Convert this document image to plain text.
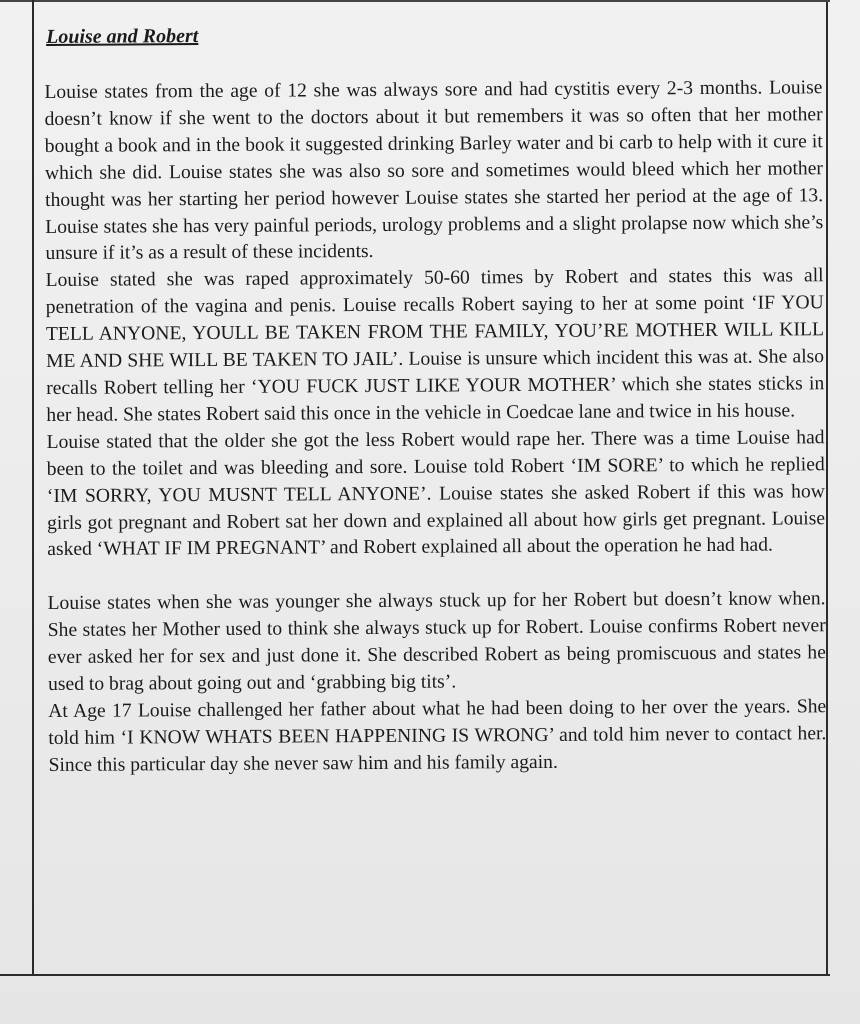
Louise and Robert

Louise states from the age of 12 she was always sore and had cystitis every 2-3 months. Louise doesn’t know if she went to the doctors about it but remembers it was so often that her mother bought a book and in the book it suggested drinking Barley water and bi carb to help with it cure it which she did. Louise states she was also so sore and sometimes would bleed which her mother thought was her starting her period however Louise states she started her period at the age of 13. Louise states she has very painful periods, urology problems and a slight prolapse now which she’s unsure if it’s as a result of these incidents.

Louise stated she was raped approximately 50-60 times by Robert and states this was all penetration of the vagina and penis. Louise recalls Robert saying to her at some point ‘IF YOU TELL ANYONE, YOULL BE TAKEN FROM THE FAMILY, YOU’RE MOTHER WILL KILL ME AND SHE WILL BE TAKEN TO JAIL’. Louise is unsure which incident this was at. She also recalls Robert telling her ‘YOU FUCK JUST LIKE YOUR MOTHER’ which she states sticks in her head. She states Robert said this once in the vehicle in Coedcae lane and twice in his house.

Louise stated that the older she got the less Robert would rape her. There was a time Louise had been to the toilet and was bleeding and sore. Louise told Robert ‘IM SORE’ to which he replied ‘IM SORRY, YOU MUSNT TELL ANYONE’. Louise states she asked Robert if this was how girls got pregnant and Robert sat her down and explained all about how girls get pregnant. Louise asked ‘WHAT IF IM PREGNANT’ and Robert explained all about the operation he had had.

Louise states when she was younger she always stuck up for her Robert but doesn’t know when. She states her Mother used to think she always stuck up for Robert. Louise confirms Robert never ever asked her for sex and just done it. She described Robert as being promiscuous and states he used to brag about going out and ‘grabbing big tits’.

At Age 17 Louise challenged her father about what he had been doing to her over the years. She told him ‘I KNOW WHATS BEEN HAPPENING IS WRONG’ and told him never to contact her. Since this particular day she never saw him and his family again.
